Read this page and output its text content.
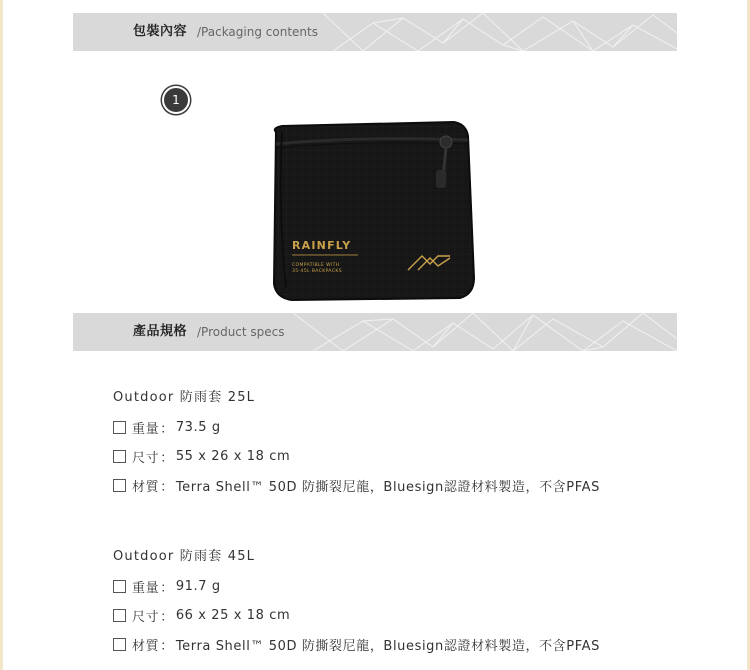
包裝內容 /Packaging contents
1
RAINFLY
COMPATIBLE WITH
35-45L BACKPACKS
產品規格 /Product specs
Outdoor 防雨套 25L
重量 ： 73.5 g
尺寸 ： 55 x 26 x 18 cm
材質 ： Terra Shell™ 50D 防撕裂尼龍，Bluesign認證材料製造，不含PFAS
Outdoor 防雨套 45L
重量 ： 91.7 g
尺寸 ： 66 x 25 x 18 cm
材質 ： Terra Shell™ 50D 防撕裂尼龍，Bluesign認證材料製造，不含PFAS
